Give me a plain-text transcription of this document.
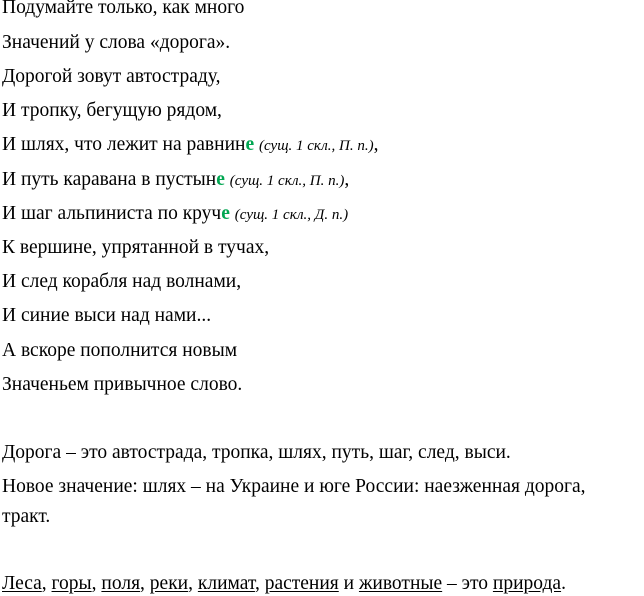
Подумайте только, как много
Значений у слова «дорога».
Дорогой зовут автостраду,
И тропку, бегущую рядом,
И шлях, что лежит на равнине (сущ. 1 скл., П. п.),
И путь каравана в пустыне (сущ. 1 скл., П. п.),
И шаг альпиниста по круче (сущ. 1 скл., Д. п.)
К вершине, упрятанной в тучах,
И след корабля над волнами,
И синие выси над нами...
А вскоре пополнится новым
Значеньем привычное слово.
Дорога – это автострада, тропка, шлях, путь, шаг, след, выси.
Новое значение: шлях – на Украине и юге России: наезженная дорога,
тракт.
Леса, горы, поля, реки, климат, растения и животные – это природа.
